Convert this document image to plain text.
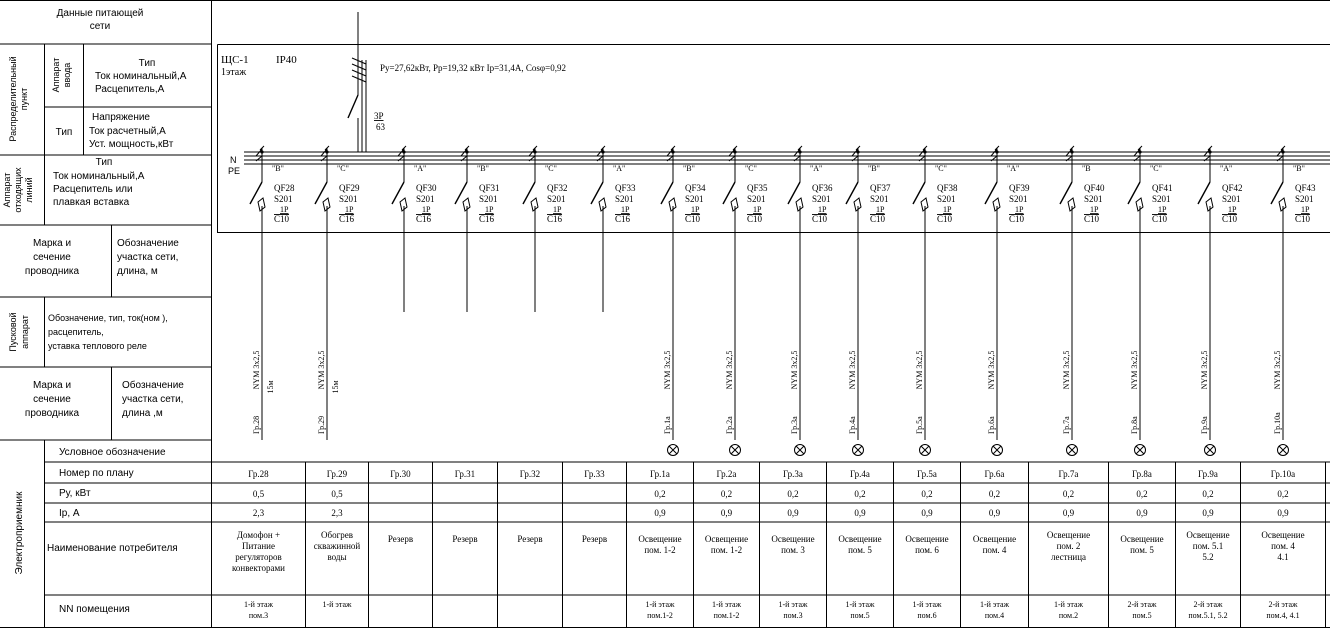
Данные питающей
сети
Распределительный пункт
Аппарат ввода	Тип
Ток номинальный,А
Расцепитель,А
Тип
Напряжение
Ток расчетный,А
Уст. мощность,кВт
Аппарат отходящих линий
Тип
Ток номинальный,А
Расцепитель или
плавкая вставка
Марка и
сечение
проводника
Обозначение
участка сети,
длина, м
Пусковой аппарат Обозначение, тип, ток(ном ),
расцепитель,
уставка теплового реле
Марка и
сечение
проводника
Обозначение
участка сети,
длина ,м
Электроприемник
Условное обозначение
Номер по плану
Ру, кВт
Iр, А
Наименование потребителя
NN помещения
ЩС-1
1этаж
IP40
Ру=27,62кВт, Рр=19,32 кВт Iр=31,4А, Cosφ=0,92
3Р
63
N
PE	"B"
QF28
S201
1P
C10
NYM 3х2,5 15м
Гр.28
"C"
QF29
S201
1P
C16
NYM 3х2,5 15м
Гр.29
"A"
QF30
S201
1P
C16
"B"
QF31
S201
1P
C16
"C"
QF32
S201
1P
C16
"A"
QF33
S201
1P
C16
"B"
QF34
S201
1P
C10
NYM 3х2,5
Гр.1а
"C"
QF35
S201
1P
C10
NYM 3х2,5
Гр.2а
"A"
QF36
S201
1P
C10
NYM 3х2,5
Гр.3а
"B"
QF37
S201
1P
C10
NYM 3х2,5
Гр.4а
"C"
QF38
S201
1P
C10
NYM 3х2,5
Гр.5а
"A"
QF39
S201
1P
C10
NYM 3х2,5
Гр.6а
"B
QF40
S201
1P
C10
NYM 3х2,5
Гр.7а
"C"
QF41
S201
1P
C10
NYM 3х2,5
Гр.8а
"A"
QF42
S201
1P
C10
NYM 3х2,5
Гр.9а
"B"
QF43
S201
1P
C10
NYM 3х2,5
Гр.10а
Гр.28
0,5
2,3
Домофон +
Питание
регуляторов
конвекторами
1-й этаж
пом.3
Гр.29
0,5
2,3
Обогрев
скважинной
воды
1-й этаж
Гр.30
Резерв
Гр.31
Резерв
Гр.32
Резерв
Гр.33
Резерв
Гр.1а
0,2
0,9
Освещение
пом. 1-2
1-й этаж
пом.1-2
Гр.2а
0,2
0,9
Освещение
пом. 1-2
1-й этаж
пом.1-2
Гр.3а
0,2
0,9
Освещение
пом. 3
1-й этаж
пом.3
Гр.4а
0,2
0,9
Освещение
пом. 5
1-й этаж
пом.5
Гр.5а
0,2
0,9
Освещение
пом. 6
1-й этаж
пом.6
Гр.6а
0,2
0,9
Освещение
пом. 4
1-й этаж
пом.4
Гр.7а
0,2
0,9
Освещение
пом. 2
лестница
1-й этаж
пом.2
Гр.8а
0,2
0,9
Освещение
пом. 5
2-й этаж
пом.5
Гр.9а
0,2
0,9
Освещение
пом. 5.1
5.2
2-й этаж
пом.5.1, 5.2
Гр.10а
0,2
0,9
Освещение
пом. 4
4.1
2-й этаж
пом.4, 4.1
